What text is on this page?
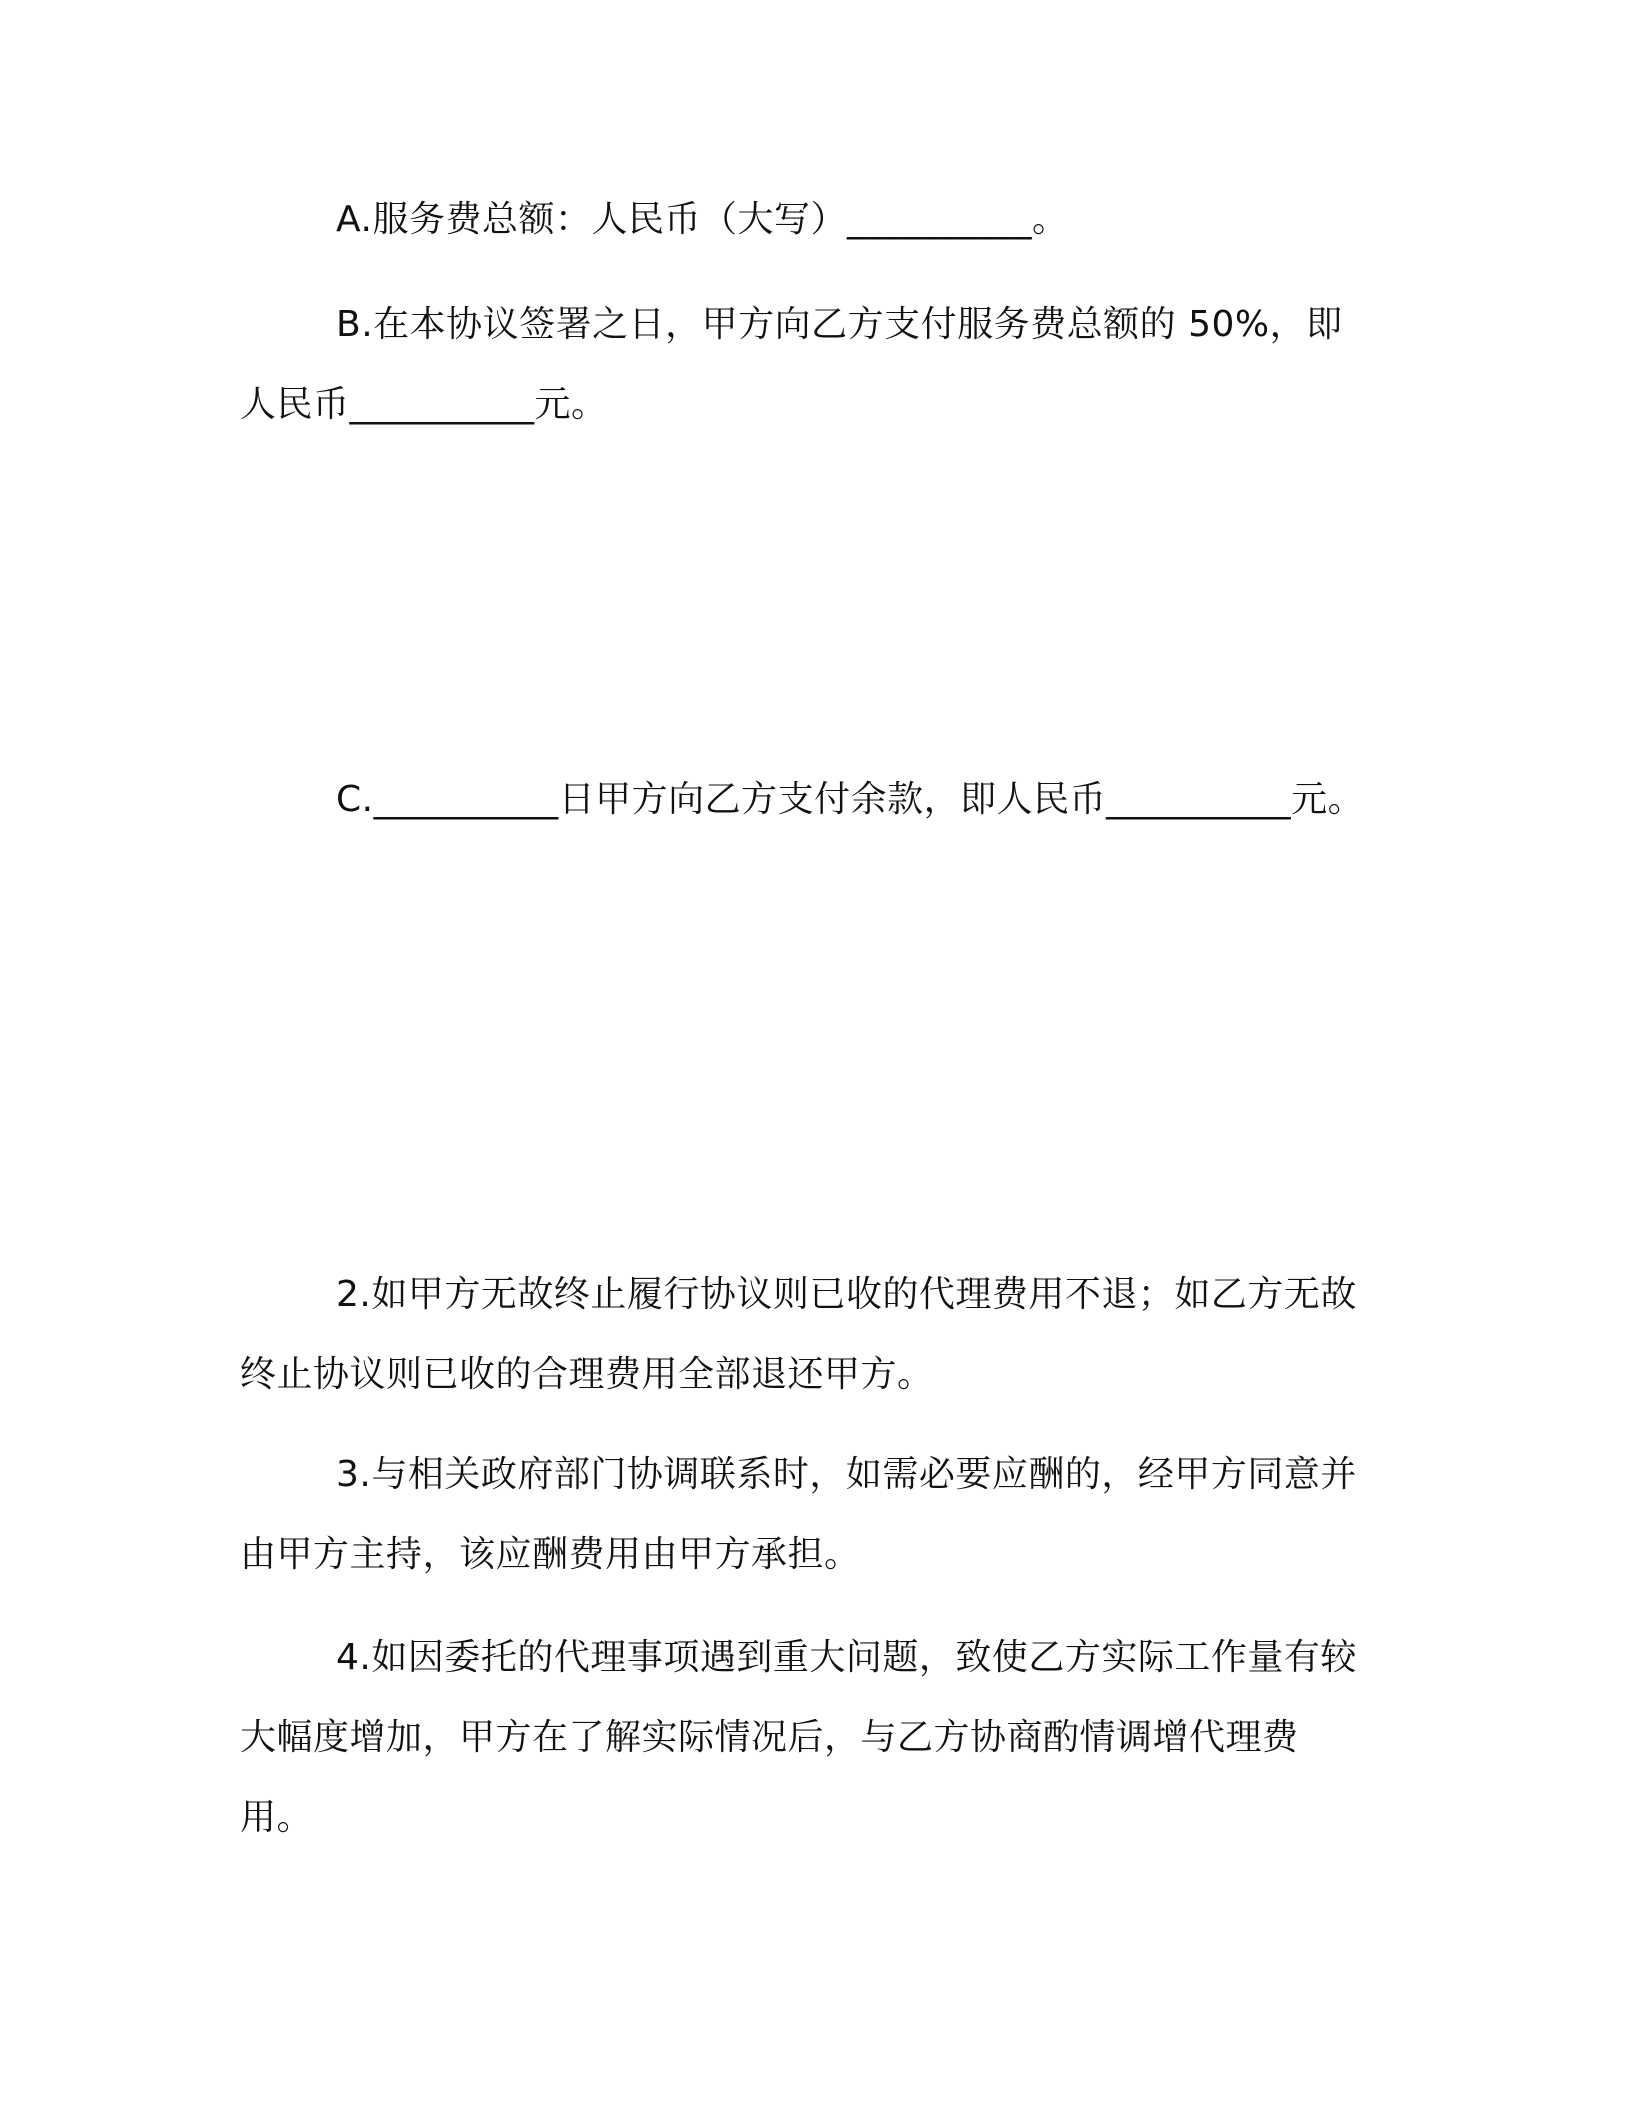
A.服务费总额：人民币（大写）__________。

B.在本协议签署之日，甲方向乙方支付服务费总额的 50%，即人民币__________元。

C.__________日甲方向乙方支付余款，即人民币__________元。

2.如甲方无故终止履行协议则已收的代理费用不退；如乙方无故终止协议则已收的合理费用全部退还甲方。

3.与相关政府部门协调联系时，如需必要应酬的，经甲方同意并由甲方主持，该应酬费用由甲方承担。

4.如因委托的代理事项遇到重大问题，致使乙方实际工作量有较大幅度增加，甲方在了解实际情况后，与乙方协商酌情调增代理费用。
